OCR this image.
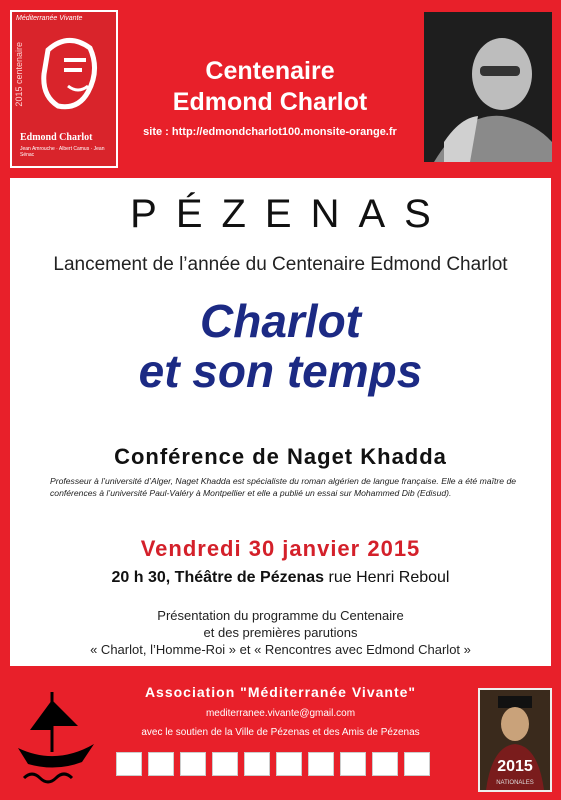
Méditerranée Vivante
2015 centenaire
Edmond Charlot
Jean Amrouche · Albert Camus · Jean Sénac
Centenaire
Edmond Charlot
site : http://edmondcharlot100.monsite-orange.fr
PÉZENAS
Lancement de l’année du Centenaire Edmond Charlot
Charlot
et son temps
Conférence de Naget Khadda
Professeur à l’université d’Alger, Naget Khadda est spécialiste du roman algérien de langue française. Elle a été maître de conférences à l’université Paul-Valéry à Montpellier et elle a publié un essai sur Mohammed Dib (Edisud).
Vendredi 30 janvier 2015
20 h 30, Théâtre de Pézenas rue Henri Reboul
Présentation du programme du Centenaire
et des premières parutions
« Charlot, l’Homme-Roi » et « Rencontres avec Edmond Charlot »
Association "Méditerranée Vivante"
mediterranee.vivante@gmail.com
avec le soutien de la Ville de Pézenas et des Amis de Pézenas
2015
NATIONALES
